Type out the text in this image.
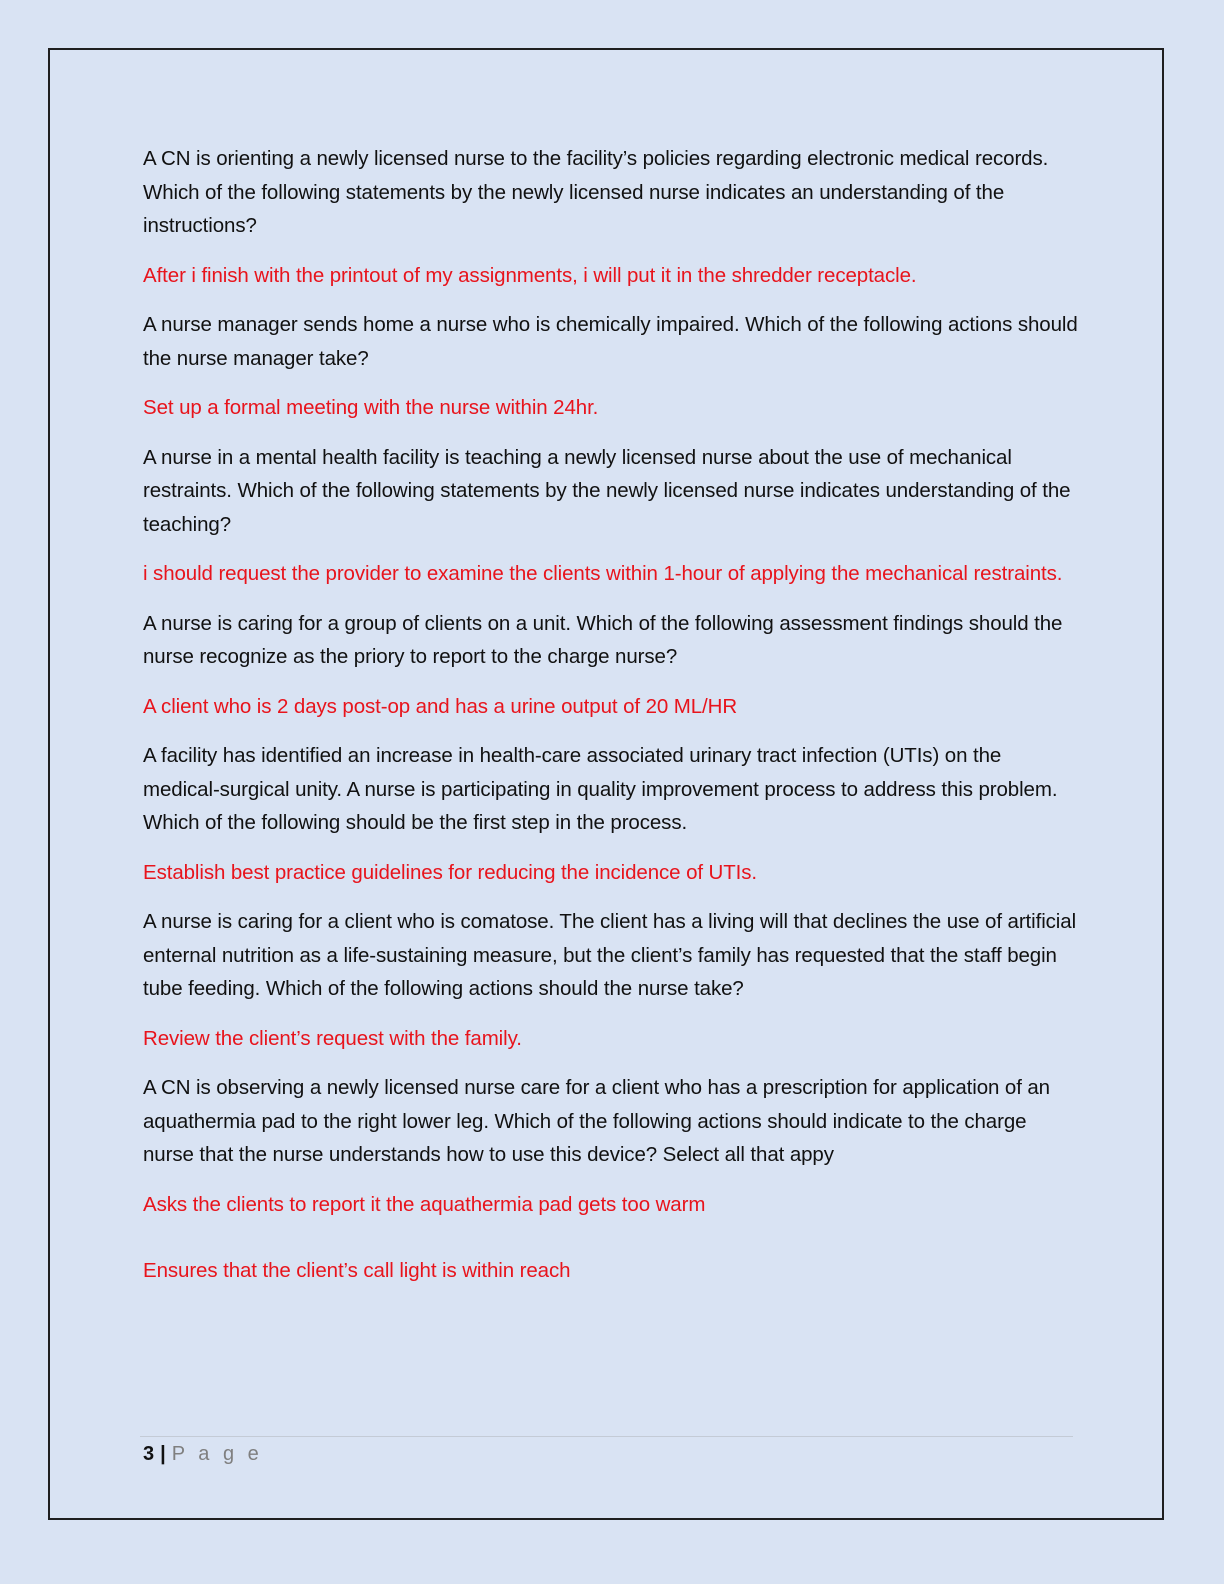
A CN is orienting a newly licensed nurse to the facility’s policies regarding electronic medical records. Which of the following statements by the newly licensed nurse indicates an understanding of the instructions?

After i finish with the printout of my assignments, i will put it in the shredder receptacle.

A nurse manager sends home a nurse who is chemically impaired. Which of the following actions should the nurse manager take?

Set up a formal meeting with the nurse within 24hr.

A nurse in a mental health facility is teaching a newly licensed nurse about the use of mechanical restraints. Which of the following statements by the newly licensed nurse indicates understanding of the teaching?

i should request the provider to examine the clients within 1-hour of applying the mechanical restraints.

A nurse is caring for a group of clients on a unit. Which of the following assessment findings should the nurse recognize as the priory to report to the charge nurse?

A client who is 2 days post-op and has a urine output of 20 ML/HR

A facility has identified an increase in health-care associated urinary tract infection (UTIs) on the medical-surgical unity. A nurse is participating in quality improvement process to address this problem. Which of the following should be the first step in the process.

Establish best practice guidelines for reducing the incidence of UTIs.

A nurse is caring for a client who is comatose. The client has a living will that declines the use of artificial enternal nutrition as a life-sustaining measure, but the client’s family has requested that the staff begin tube feeding. Which of the following actions should the nurse take?

Review the client’s request with the family.

A CN is observing a newly licensed nurse care for a client who has a prescription for application of an aquathermia pad to the right lower leg. Which of the following actions should indicate to the charge nurse that the nurse understands how to use this device? Select all that appy

Asks the clients to report it the aquathermia pad gets too warm

Ensures that the client’s call light is within reach

3 | P a g e
